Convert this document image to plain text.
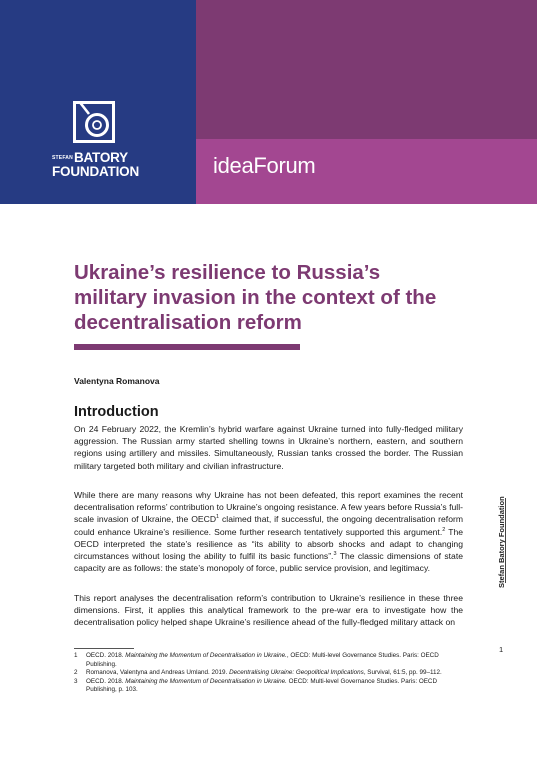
STEFANBATORY
FOUNDATION	ideaForum
Ukraine’s resilience to Russia’s military invasion in the context of the decentralisation reform
Valentyna Romanova
Introduction

On 24 February 2022, the Kremlin’s hybrid warfare against Ukraine turned into fully-fledged military aggression. The Russian army started shelling towns in Ukraine’s northern, eastern, and southern regions using artillery and missiles. Simultaneously, Russian tanks crossed the border. The Russian military targeted both military and civilian infrastructure.

While there are many reasons why Ukraine has not been defeated, this report examines the recent decentralisation reforms’ contribution to Ukraine’s ongoing resistance. A few years before Russia’s full-scale invasion of Ukraine, the OECD$^1$ claimed that, if successful, the ongoing decentralisation reform could enhance Ukraine’s resilience. Some further research tentatively supported this argument.$^2$ The OECD interpreted the state’s resilience as “its ability to absorb shocks and adapt to changing circumstances without losing the ability to fulfil its basic functions”.$^3$ The classic dimensions of state capacity are as follows: the state’s monopoly of force, public service provision, and legitimacy.

This report analyses the decentralisation reform’s contribution to Ukraine’s resilience in these three dimensions. First, it applies this analytical framework to the pre-war era to investigate how the decentralisation policy helped shape Ukraine’s resilience ahead of the fully-fledged military attack on

1 OECD. 2018. Maintaining the Momentum of Decentralisation in Ukraine., OECD: Multi-level Governance Studies. Paris: OECD Publishing.

2 Romanova, Valentyna and Andreas Umland. 2019. Decentralising Ukraine: Geopolitical Implications, Survival, 61:5, pp. 99–112.

3 OECD. 2018. Maintaining the Momentum of Decentralisation in Ukraine. OECD: Multi-level Governance Studies. Paris: OECD Publishing, p. 103.

Stefan Batory Foundation
1
